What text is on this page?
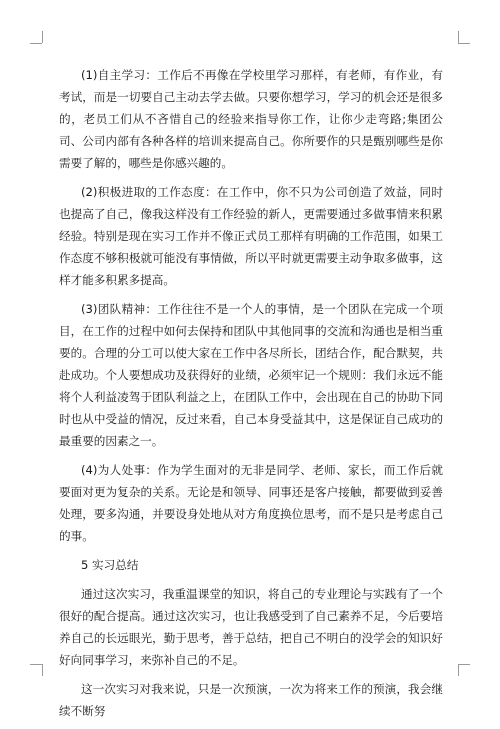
(1)自主学习：工作后不再像在学校里学习那样，有老师，有作业，有考试，而是一切要自己主动去学去做。只要你想学习，学习的机会还是很多的，老员工们从不吝惜自己的经验来指导你工作，让你少走弯路;集团公司、公司内部有各种各样的培训来提高自己。你所要作的只是甄别哪些是你需要了解的，哪些是你感兴趣的。

(2)积极进取的工作态度：在工作中，你不只为公司创造了效益，同时也提高了自己，像我这样没有工作经验的新人，更需要通过多做事情来积累经验。特别是现在实习工作并不像正式员工那样有明确的工作范围，如果工作态度不够积极就可能没有事情做，所以平时就更需要主动争取多做事，这样才能多积累多提高。

(3)团队精神：工作往往不是一个人的事情，是一个团队在完成一个项目，在工作的过程中如何去保持和团队中其他同事的交流和沟通也是相当重要的。合理的分工可以使大家在工作中各尽所长，团结合作，配合默契，共赴成功。个人要想成功及获得好的业绩，必须牢记一个规则：我们永远不能将个人利益凌驾于团队利益之上，在团队工作中，会出现在自己的协助下同时也从中受益的情况，反过来看，自己本身受益其中，这是保证自己成功的最重要的因素之一。

(4)为人处事：作为学生面对的无非是同学、老师、家长，而工作后就要面对更为复杂的关系。无论是和领导、同事还是客户接触，都要做到妥善处理，要多沟通，并要设身处地从对方角度换位思考，而不是只是考虑自己的事。

5 实习总结

通过这次实习，我重温课堂的知识，将自己的专业理论与实践有了一个很好的配合提高。通过这次实习，也让我感受到了自己素养不足，今后要培养自己的长远眼光，勤于思考，善于总结，把自己不明白的没学会的知识好好向同事学习，来弥补自己的不足。

这一次实习对我来说，只是一次预演，一次为将来工作的预演，我会继续不断努
